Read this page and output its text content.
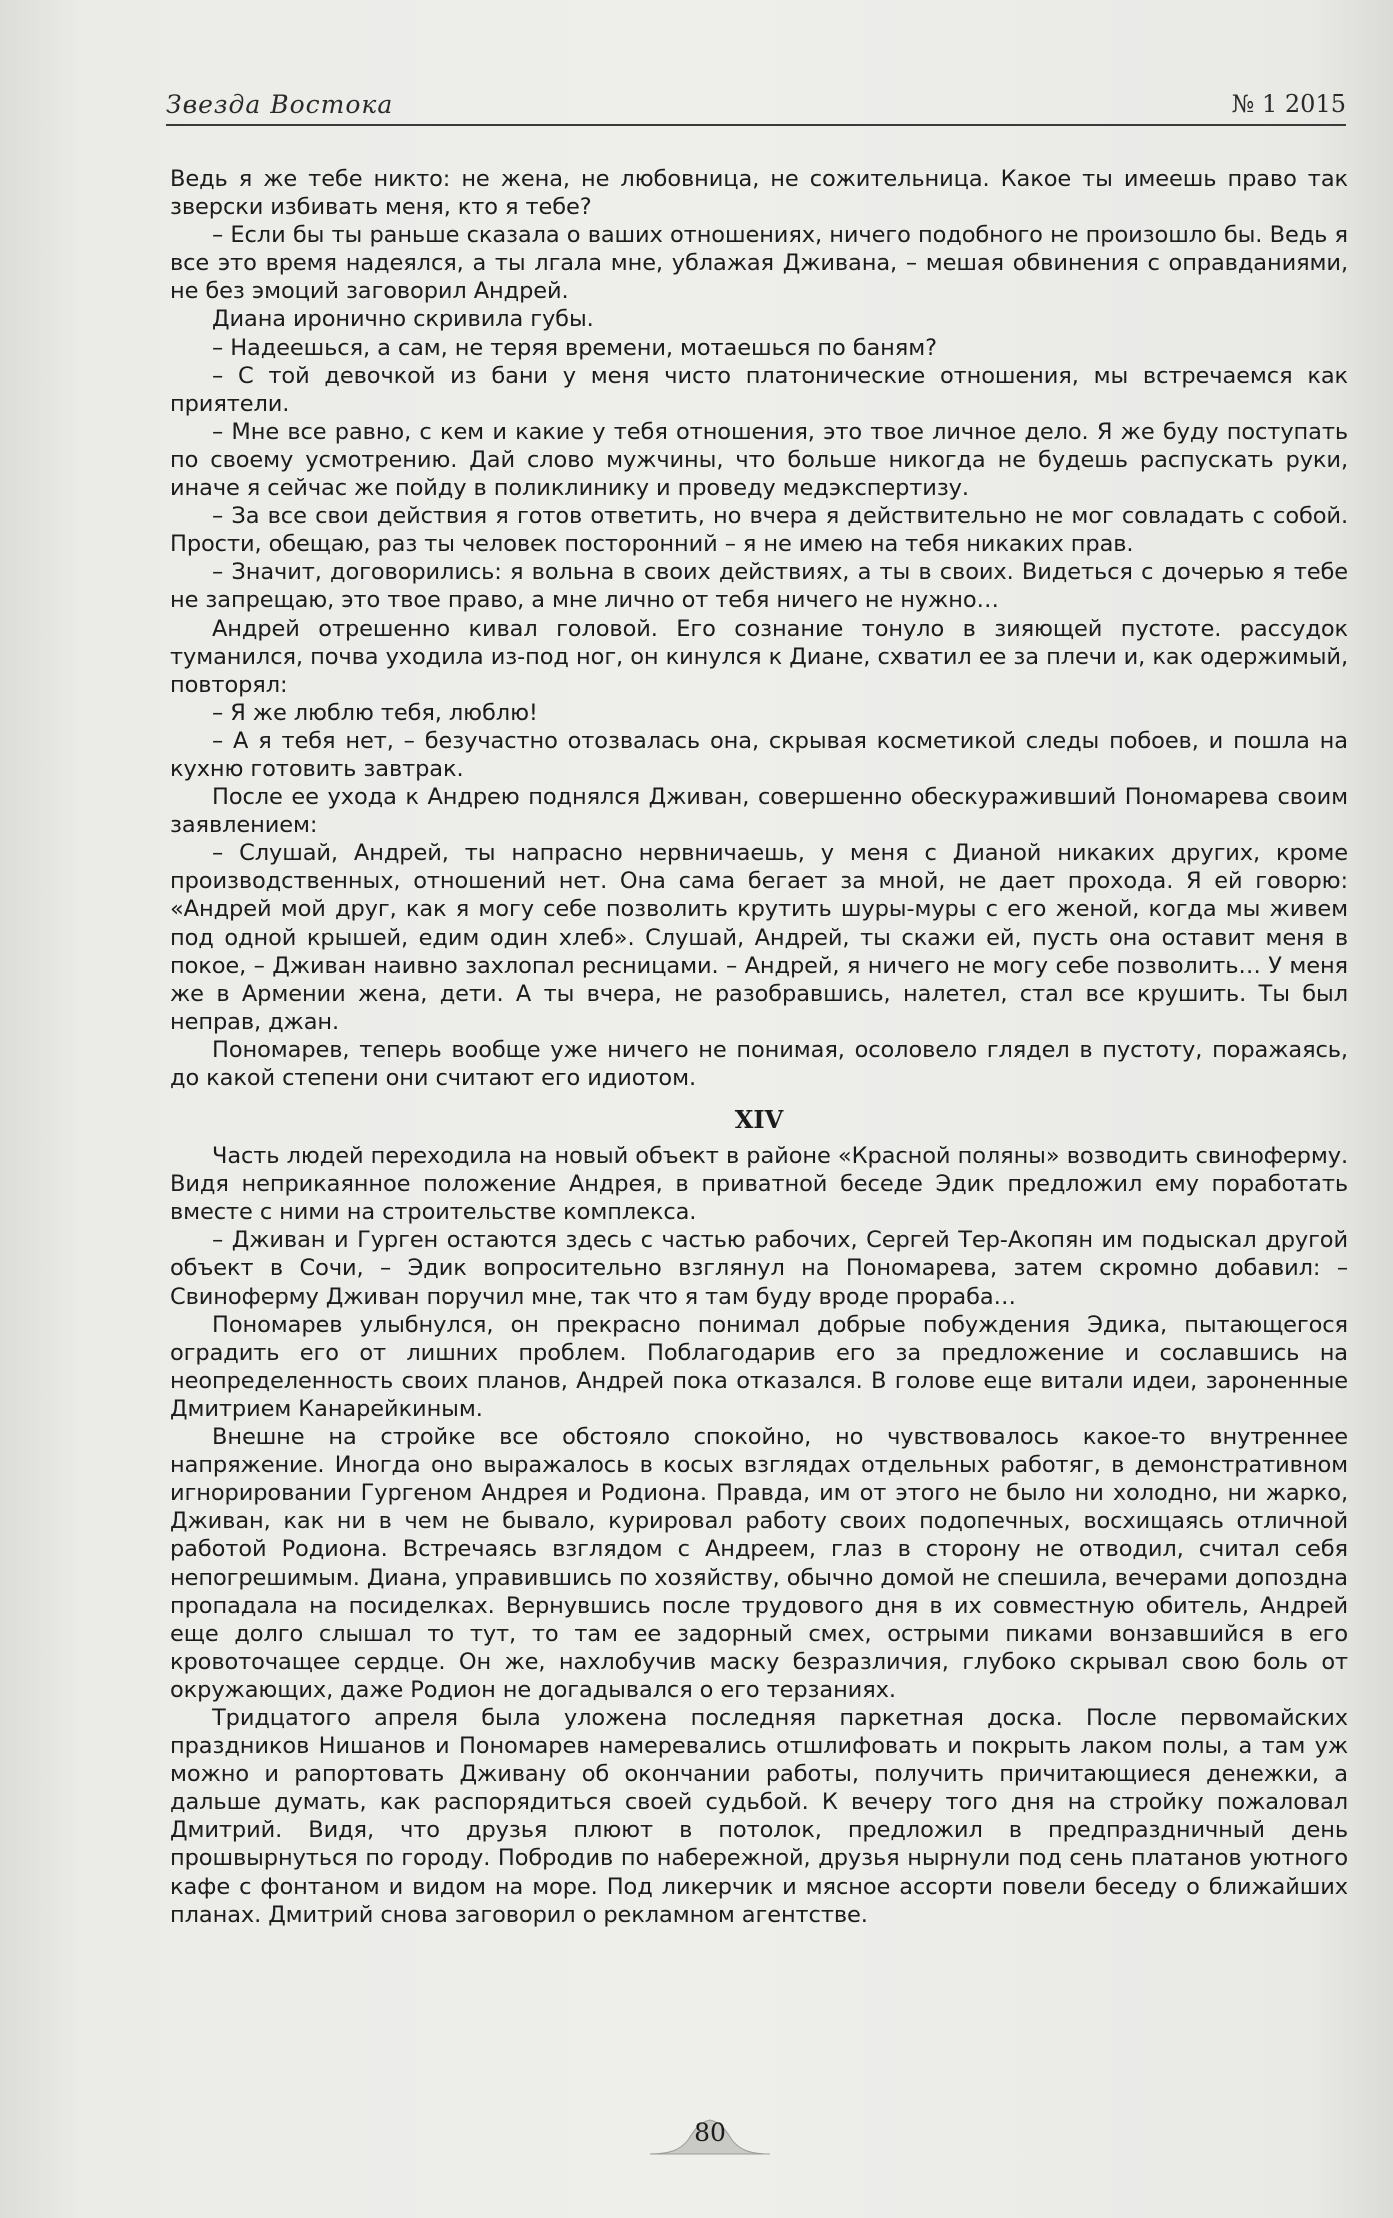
Звезда Востока	№ 1 2015

Ведь я же тебе никто: не жена, не любовница, не сожительница. Какое ты имеешь право так зверски избивать меня, кто я тебе?

– Если бы ты раньше сказала о ваших отношениях, ничего подобного не произошло бы. Ведь я все это время надеялся, а ты лгала мне, ублажая Дживана, – мешая обвинения с оправданиями, не без эмоций заговорил Андрей.

Диана иронично скривила губы.

– Надеешься, а сам, не теряя времени, мотаешься по баням?

– С той девочкой из бани у меня чисто платонические отношения, мы встречаемся как приятели.

– Мне все равно, с кем и какие у тебя отношения, это твое личное дело. Я же буду поступать по своему усмотрению. Дай слово мужчины, что больше никогда не будешь распускать руки, иначе я сейчас же пойду в поликлинику и проведу медэкспертизу.

– За все свои действия я готов ответить, но вчера я действительно не мог совладать с собой. Прости, обещаю, раз ты человек посторонний – я не имею на тебя никаких прав.

– Значит, договорились: я вольна в своих действиях, а ты в своих. Видеться с дочерью я тебе не запрещаю, это твое право, а мне лично от тебя ничего не нужно…

Андрей отрешенно кивал головой. Его сознание тонуло в зияющей пустоте. рассудок туманился, почва уходила из-под ног, он кинулся к Диане, схватил ее за плечи и, как одержимый, повторял:

– Я же люблю тебя, люблю!

– А я тебя нет, – безучастно отозвалась она, скрывая косметикой следы побоев, и пошла на кухню готовить завтрак.

После ее ухода к Андрею поднялся Дживан, совершенно обескураживший Пономарева своим заявлением:

– Слушай, Андрей, ты напрасно нервничаешь, у меня с Дианой никаких других, кроме производственных, отношений нет. Она сама бегает за мной, не дает прохода. Я ей говорю: «Андрей мой друг, как я могу себе позволить крутить шуры-муры с его женой, когда мы живем под одной крышей, едим один хлеб». Слушай, Андрей, ты скажи ей, пусть она оставит меня в покое, – Дживан наивно захлопал ресницами. – Андрей, я ничего не могу себе позволить… У меня же в Армении жена, дети. А ты вчера, не разобравшись, налетел, стал все крушить. Ты был неправ, джан.

Пономарев, теперь вообще уже ничего не понимая, осоловело глядел в пустоту, поражаясь, до какой степени они считают его идиотом.

XIV

Часть людей переходила на новый объект в районе «Красной поляны» возводить свиноферму. Видя неприкаянное положение Андрея, в приватной беседе Эдик предложил ему поработать вместе с ними на строительстве комплекса.

– Дживан и Гурген остаются здесь с частью рабочих, Сергей Тер-Акопян им подыскал другой объект в Сочи, – Эдик вопросительно взглянул на Пономарева, затем скромно добавил: – Свиноферму Дживан поручил мне, так что я там буду вроде прораба…

Пономарев улыбнулся, он прекрасно понимал добрые побуждения Эдика, пытающегося оградить его от лишних проблем. Поблагодарив его за предложение и сославшись на неопределенность своих планов, Андрей пока отказался. В голове еще витали идеи, зароненные Дмитрием Канарейкиным.

Внешне на стройке все обстояло спокойно, но чувствовалось какое-то внутреннее напряжение. Иногда оно выражалось в косых взглядах отдельных работяг, в демонстративном игнорировании Гургеном Андрея и Родиона. Правда, им от этого не было ни холодно, ни жарко, Дживан, как ни в чем не бывало, курировал работу своих подопечных, восхищаясь отличной работой Родиона. Встречаясь взглядом с Андреем, глаз в сторону не отводил, считал себя непогрешимым. Диана, управившись по хозяйству, обычно домой не спешила, вечерами допоздна пропадала на посиделках. Вернувшись после трудового дня в их совместную обитель, Андрей еще долго слышал то тут, то там ее задорный смех, острыми пиками вонзавшийся в его кровоточащее сердце. Он же, нахлобучив маску безразличия, глубоко скрывал свою боль от окружающих, даже Родион не догадывался о его терзаниях.

Тридцатого апреля была уложена последняя паркетная доска. После первомайских праздников Нишанов и Пономарев намеревались отшлифовать и покрыть лаком полы, а там уж можно и рапортовать Дживану об окончании работы, получить причитающиеся денежки, а дальше думать, как распорядиться своей судьбой. К вечеру того дня на стройку пожаловал Дмитрий. Видя, что друзья плюют в потолок, предложил в предпраздничный день прошвырнуться по городу. Побродив по набережной, друзья нырнули под сень платанов уютного кафе с фонтаном и видом на море. Под ликерчик и мясное ассорти повели беседу о ближайших планах. Дмитрий снова заговорил о рекламном агентстве.

80
